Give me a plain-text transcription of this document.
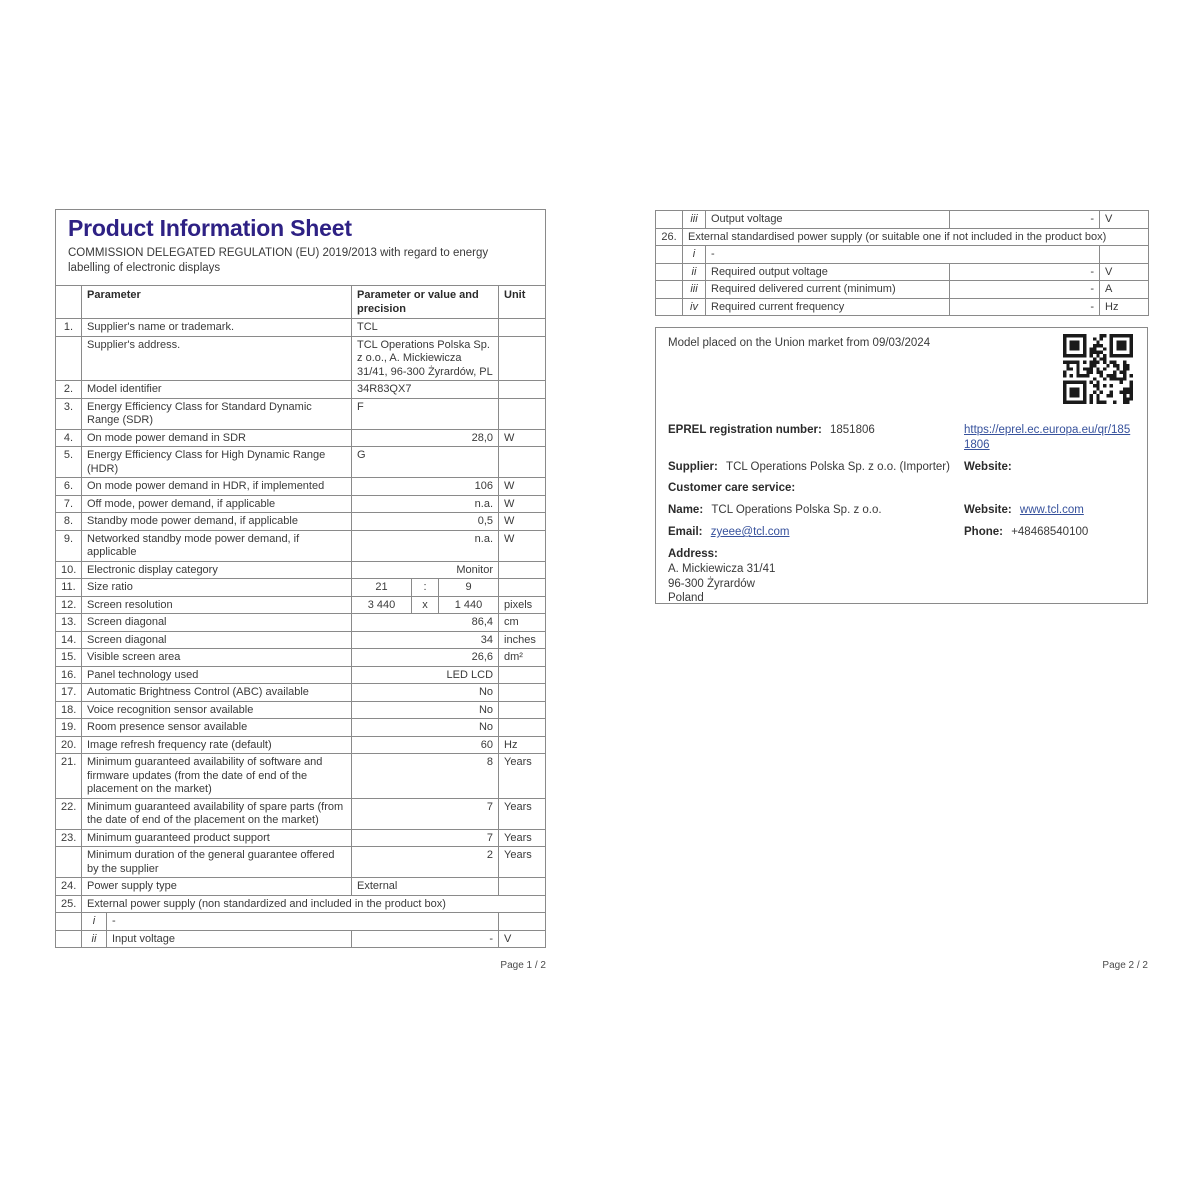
Product Information Sheet

COMMISSION DELEGATED REGULATION (EU) 2019/2013 with regard to energy labelling of electronic displays

	Parameter		Parameter or value and precision			Unit
1.	Supplier's name or trademark.		TCL			
	Supplier's address.		TCL Operations Polska Sp. z o.o., A. Mickiewicza 31/41, 96-300 Żyrardów, PL			
2.	Model identifier		34R83QX7			
3.	Energy Efficiency Class for Standard Dynamic Range (SDR)		F			
4.	On mode power demand in SDR		28,0			W
5.	Energy Efficiency Class for High Dynamic Range (HDR)		G			
6.	On mode power demand in HDR, if implemented		106			W
7.	Off mode, power demand, if applicable		n.a.			W
8.	Standby mode power demand, if applicable		0,5			W
9.	Networked standby mode power demand, if applicable		n.a.			W
10.	Electronic display category		Monitor			
11.	Size ratio		21	:	9	
12.	Screen resolution		3 440	x	1 440	pixels
13.	Screen diagonal		86,4			cm
14.	Screen diagonal		34			inches
15.	Visible screen area		26,6			dm²
16.	Panel technology used		LED LCD			
17.	Automatic Brightness Control (ABC) available		No			
18.	Voice recognition sensor available		No			
19.	Room presence sensor available		No			
20.	Image refresh frequency rate (default)		60			Hz
21.	Minimum guaranteed availability of software and firmware updates (from the date of end of the placement on the market)		8			Years
22.	Minimum guaranteed availability of spare parts (from the date of end of the placement on the market)		7			Years
23.	Minimum guaranteed product support		7			Years
	Minimum duration of the general guarantee offered by the supplier		2			Years
24.	Power supply type		External			
25.	External power supply (non standardized and included in the product box)					
	i	-				
	ii	Input voltage	-			V
Page 1 / 2
	iii	Output voltage	-	V
26.	External standardised power supply (or suitable one if not included in the product box)			
	i	-		
	ii	Required output voltage	-	V
	iii	Required delivered current (minimum)	-	A
	iv	Required current frequency	-	Hz
Model placed on the Union market from 09/03/2024
EPREL registration number: 1851806	https://eprel.ec.europa.eu/qr/1851806
Supplier: TCL Operations Polska Sp. z o.o. (Importer)	Website:
Customer care service:
Name: TCL Operations Polska Sp. z o.o.	Website: www.tcl.com
Email: zyeee@tcl.com	Phone: +48468540100
Address:
A. Mickiewicza 31/41
96-300 Żyrardów
Poland
Page 2 / 2
